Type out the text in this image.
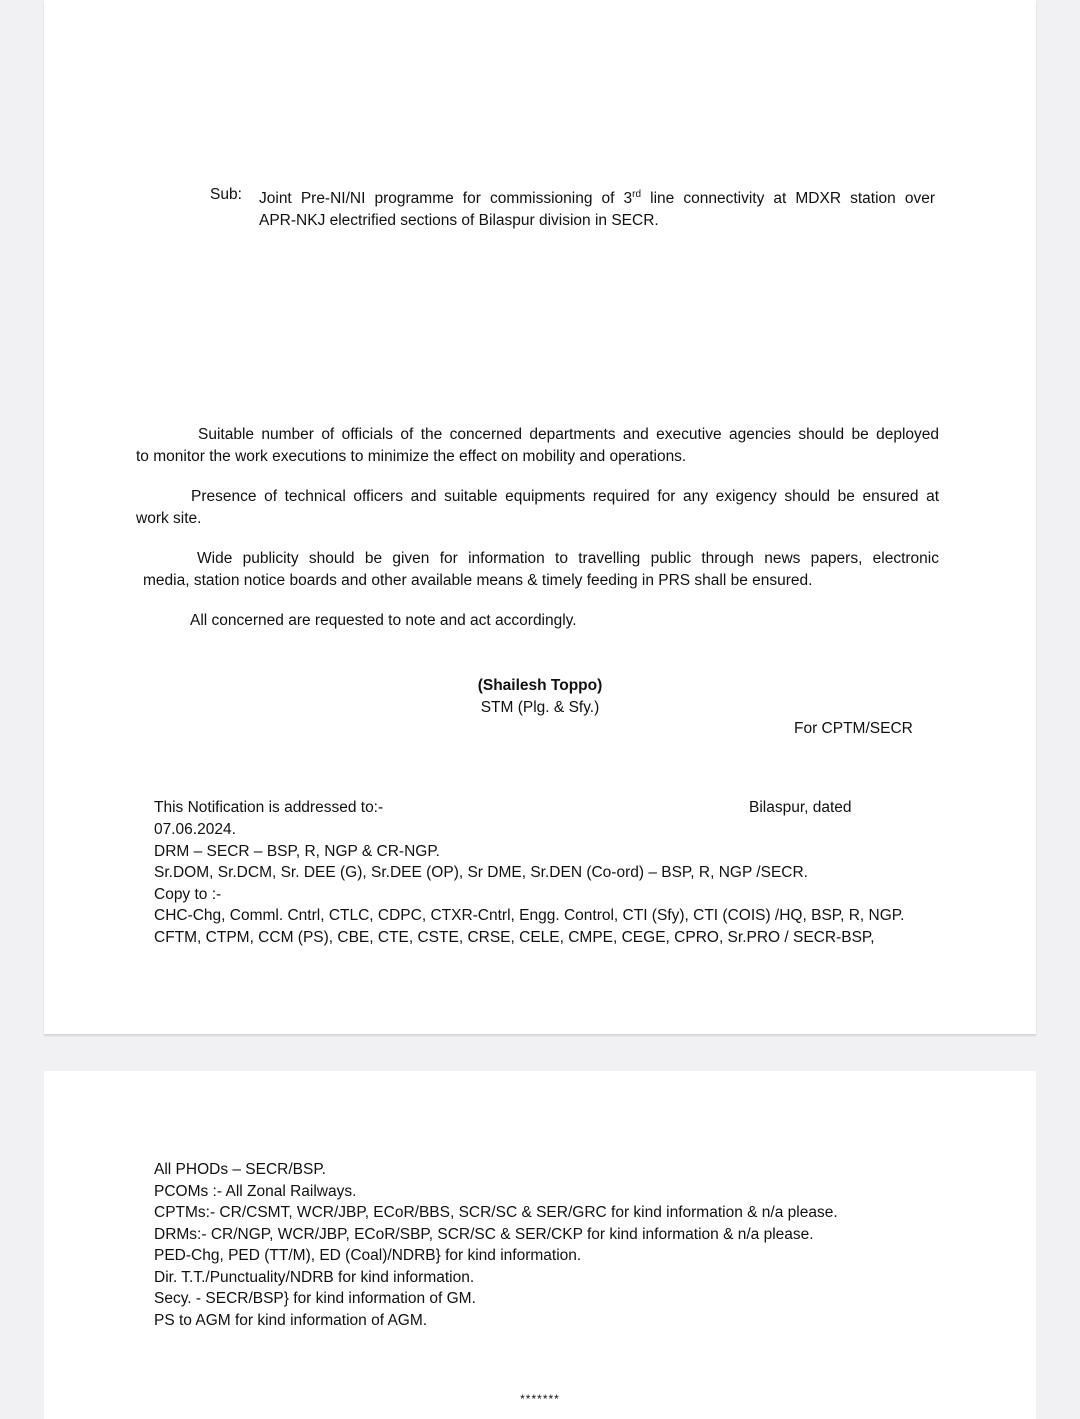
Sub: Joint Pre-NI/NI programme for commissioning of 3rd line connectivity at MDXR station over
APR-NKJ electrified sections of Bilaspur division in SECR.
Suitable number of officials of the concerned departments and executive agencies should be deployed
to monitor the work executions to minimize the effect on mobility and operations.
Presence of technical officers and suitable equipments required for any exigency should be ensured at
work site.
Wide publicity should be given for information to travelling public through news papers, electronic
media, station notice boards and other available means & timely feeding in PRS shall be ensured.
All concerned are requested to note and act accordingly.
(Shailesh Toppo)
STM (Plg. & Sfy.)
For CPTM/SECR
This Notification is addressed to:-	Bilaspur, dated
07.06.2024.
DRM – SECR – BSP, R, NGP & CR-NGP.
Sr.DOM, Sr.DCM, Sr. DEE (G), Sr.DEE (OP), Sr DME, Sr.DEN (Co-ord) – BSP, R, NGP /SECR.
Copy to :-
CHC-Chg, Comml. Cntrl, CTLC, CDPC, CTXR-Cntrl, Engg. Control, CTI (Sfy), CTI (COIS) /HQ, BSP, R, NGP.
CFTM, CTPM, CCM (PS), CBE, CTE, CSTE, CRSE, CELE, CMPE, CEGE, CPRO, Sr.PRO / SECR-BSP,
All PHODs – SECR/BSP.
PCOMs :- All Zonal Railways.
CPTMs:- CR/CSMT, WCR/JBP, ECoR/BBS, SCR/SC & SER/GRC for kind information & n/a please.
DRMs:- CR/NGP, WCR/JBP, ECoR/SBP, SCR/SC & SER/CKP for kind information & n/a please.
PED-Chg, PED (TT/M), ED (Coal)/NDRB} for kind information.
Dir. T.T./Punctuality/NDRB for kind information.
Secy. - SECR/BSP} for kind information of GM.
PS to AGM for kind information of AGM.
*******
